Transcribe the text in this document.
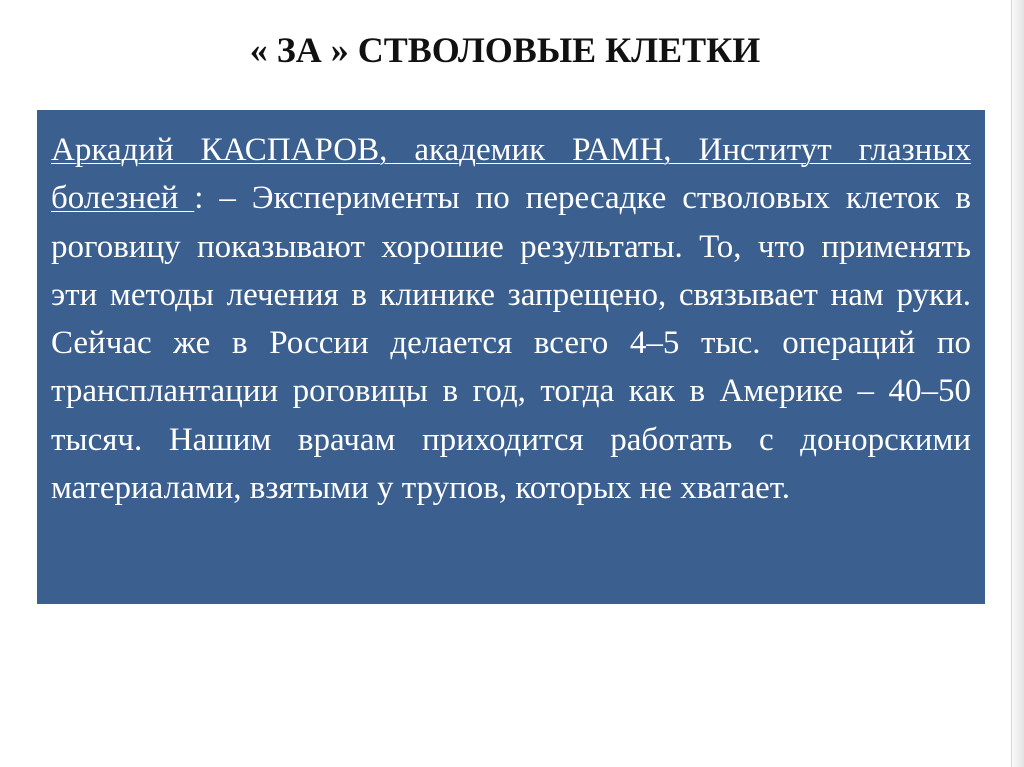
« ЗА » СТВОЛОВЫЕ КЛЕТКИ

Аркадий КАСПАРОВ, академик РАМН, Институт глазных болезней : – Эксперименты по пересадке стволовых клеток в роговицу показывают хорошие результаты. То, что применять эти методы лечения в клинике запрещено, связывает нам руки. Сейчас же в России делается всего 4–5 тыс. операций по трансплантации роговицы в год, тогда как в Америке – 40–50 тысяч. Нашим врачам приходится работать с донорскими материалами, взятыми у трупов, которых не хватает.
